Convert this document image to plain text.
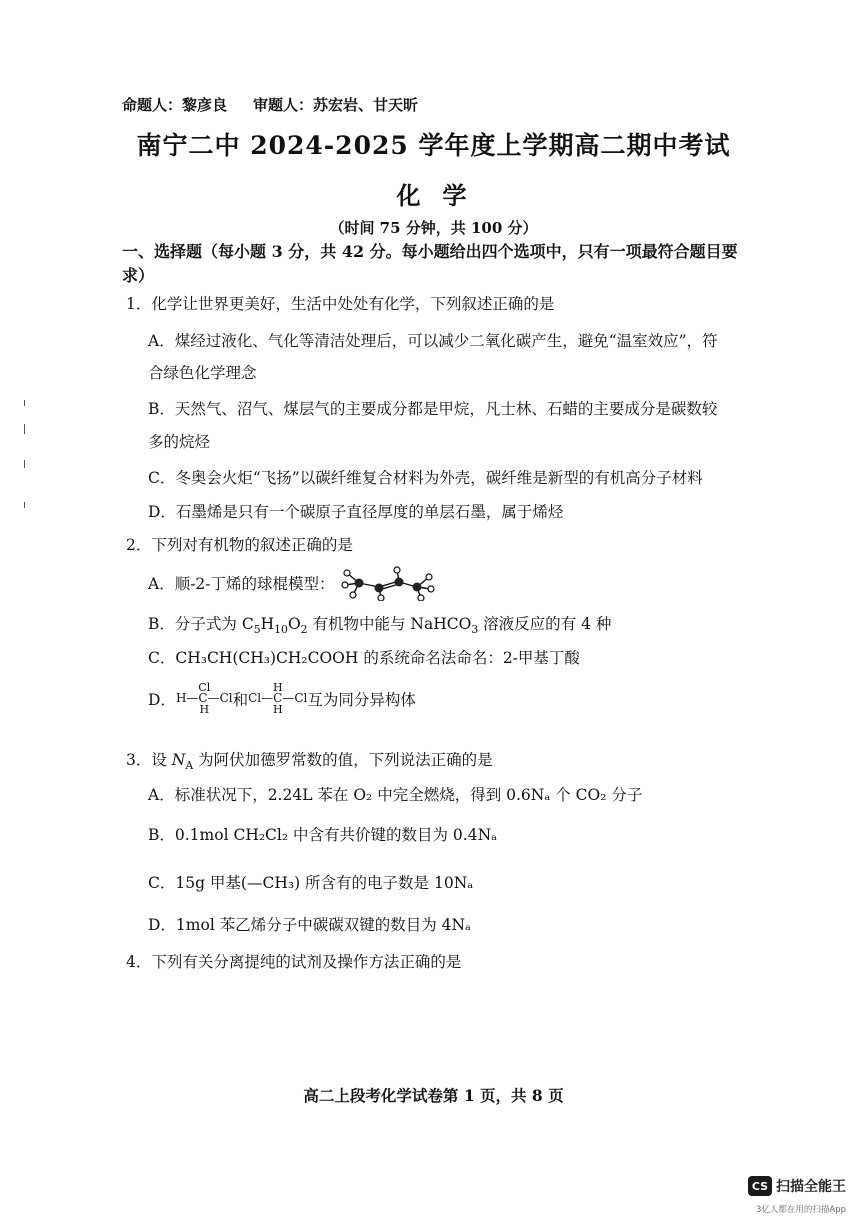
命题人：黎彦良 审题人：苏宏岩、甘天昕
南宁二中 2024-2025 学年度上学期高二期中考试
化学
（时间 75 分钟，共 100 分）
一、选择题（每小题 3 分，共 42 分。每小题给出四个选项中，只有一项最符合题目要求）
1．化学让世界更美好，生活中处处有化学，下列叙述正确的是
A．煤经过液化、气化等清洁处理后，可以减少二氧化碳产生，避免“温室效应”，符
合绿色化学理念
B．天然气、沼气、煤层气的主要成分都是甲烷，凡士林、石蜡的主要成分是碳数较
多的烷烃
C．冬奥会火炬“飞扬”以碳纤维复合材料为外壳，碳纤维是新型的有机高分子材料
D．石墨烯是只有一个碳原子直径厚度的单层石墨，属于烯烃
2．下列对有机物的叙述正确的是
A．顺-2-丁烯的球棍模型：
B．分子式为 $C_5H_{10}O_2$ 有机物中能与 NaHCO$_3$ 溶液反应的有 4 种
C．CH₃CH(CH₃)CH₂COOH 的系统命名法命名：2-甲基丁酸
D．
Cl
H—C—Cl
H
和
H
Cl—C—Cl
H
互为同分异构体
3．设 $N_A$ 为阿伏加德罗常数的值，下列说法正确的是
A．标准状况下，2.24L 苯在 O₂ 中完全燃烧，得到 0.6Nₐ 个 CO₂ 分子
B．0.1mol CH₂Cl₂ 中含有共价键的数目为 0.4Nₐ
C．15g 甲基(—CH₃) 所含有的电子数是 10Nₐ
D．1mol 苯乙烯分子中碳碳双键的数目为 4Nₐ
4．下列有关分离提纯的试剂及操作方法正确的是
高二上段考化学试卷第 1 页，共 8 页
CS 扫描全能王
3亿人都在用的扫描App
